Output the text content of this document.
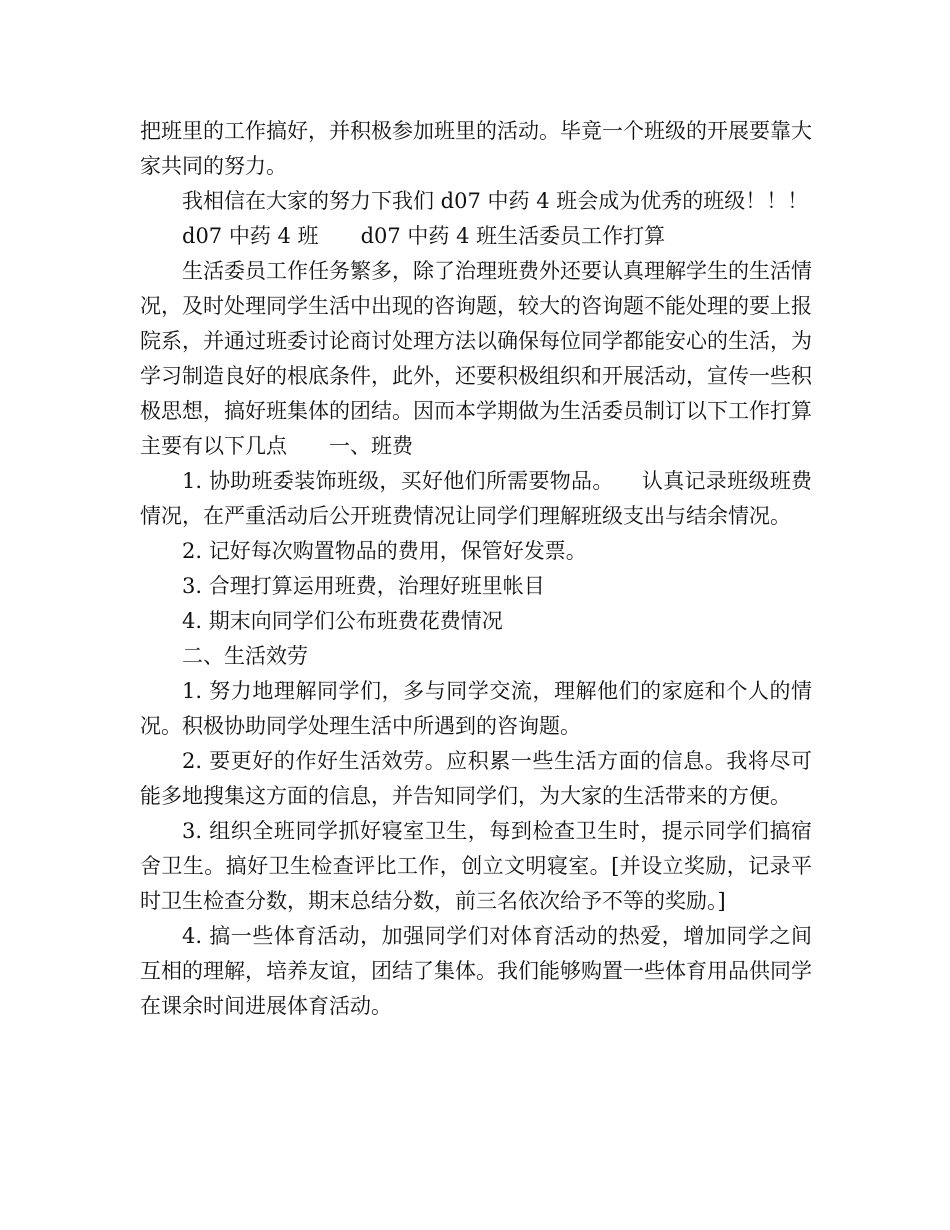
把班里的工作搞好，并积极参加班里的活动。毕竟一个班级的开展要靠大家共同的努力。

我相信在大家的努力下我们 d07 中药 4 班会成为优秀的班级！！！

d07 中药 4 班 d07 中药 4 班生活委员工作打算

生活委员工作任务繁多，除了治理班费外还要认真理解学生的生活情况，及时处理同学生活中出现的咨询题，较大的咨询题不能处理的要上报院系，并通过班委讨论商讨处理方法以确保每位同学都能安心的生活，为学习制造良好的根底条件，此外，还要积极组织和开展活动，宣传一些积极思想，搞好班集体的团结。因而本学期做为生活委员制订以下工作打算主要有以下几点 一、班费

1. 协助班委装饰班级，买好他们所需要物品。 认真记录班级班费情况，在严重活动后公开班费情况让同学们理解班级支出与结余情况。

2. 记好每次购置物品的费用，保管好发票。

3. 合理打算运用班费，治理好班里帐目

4. 期末向同学们公布班费花费情况

二、生活效劳

1. 努力地理解同学们，多与同学交流，理解他们的家庭和个人的情况。积极协助同学处理生活中所遇到的咨询题。

2. 要更好的作好生活效劳。应积累一些生活方面的信息。我将尽可能多地搜集这方面的信息，并告知同学们，为大家的生活带来的方便。

3. 组织全班同学抓好寝室卫生，每到检查卫生时，提示同学们搞宿舍卫生。搞好卫生检查评比工作，创立文明寝室。[并设立奖励，记录平时卫生检查分数，期末总结分数，前三名依次给予不等的奖励。]

4. 搞一些体育活动，加强同学们对体育活动的热爱，增加同学之间互相的理解，培养友谊，团结了集体。我们能够购置一些体育用品供同学在课余时间进展体育活动。
